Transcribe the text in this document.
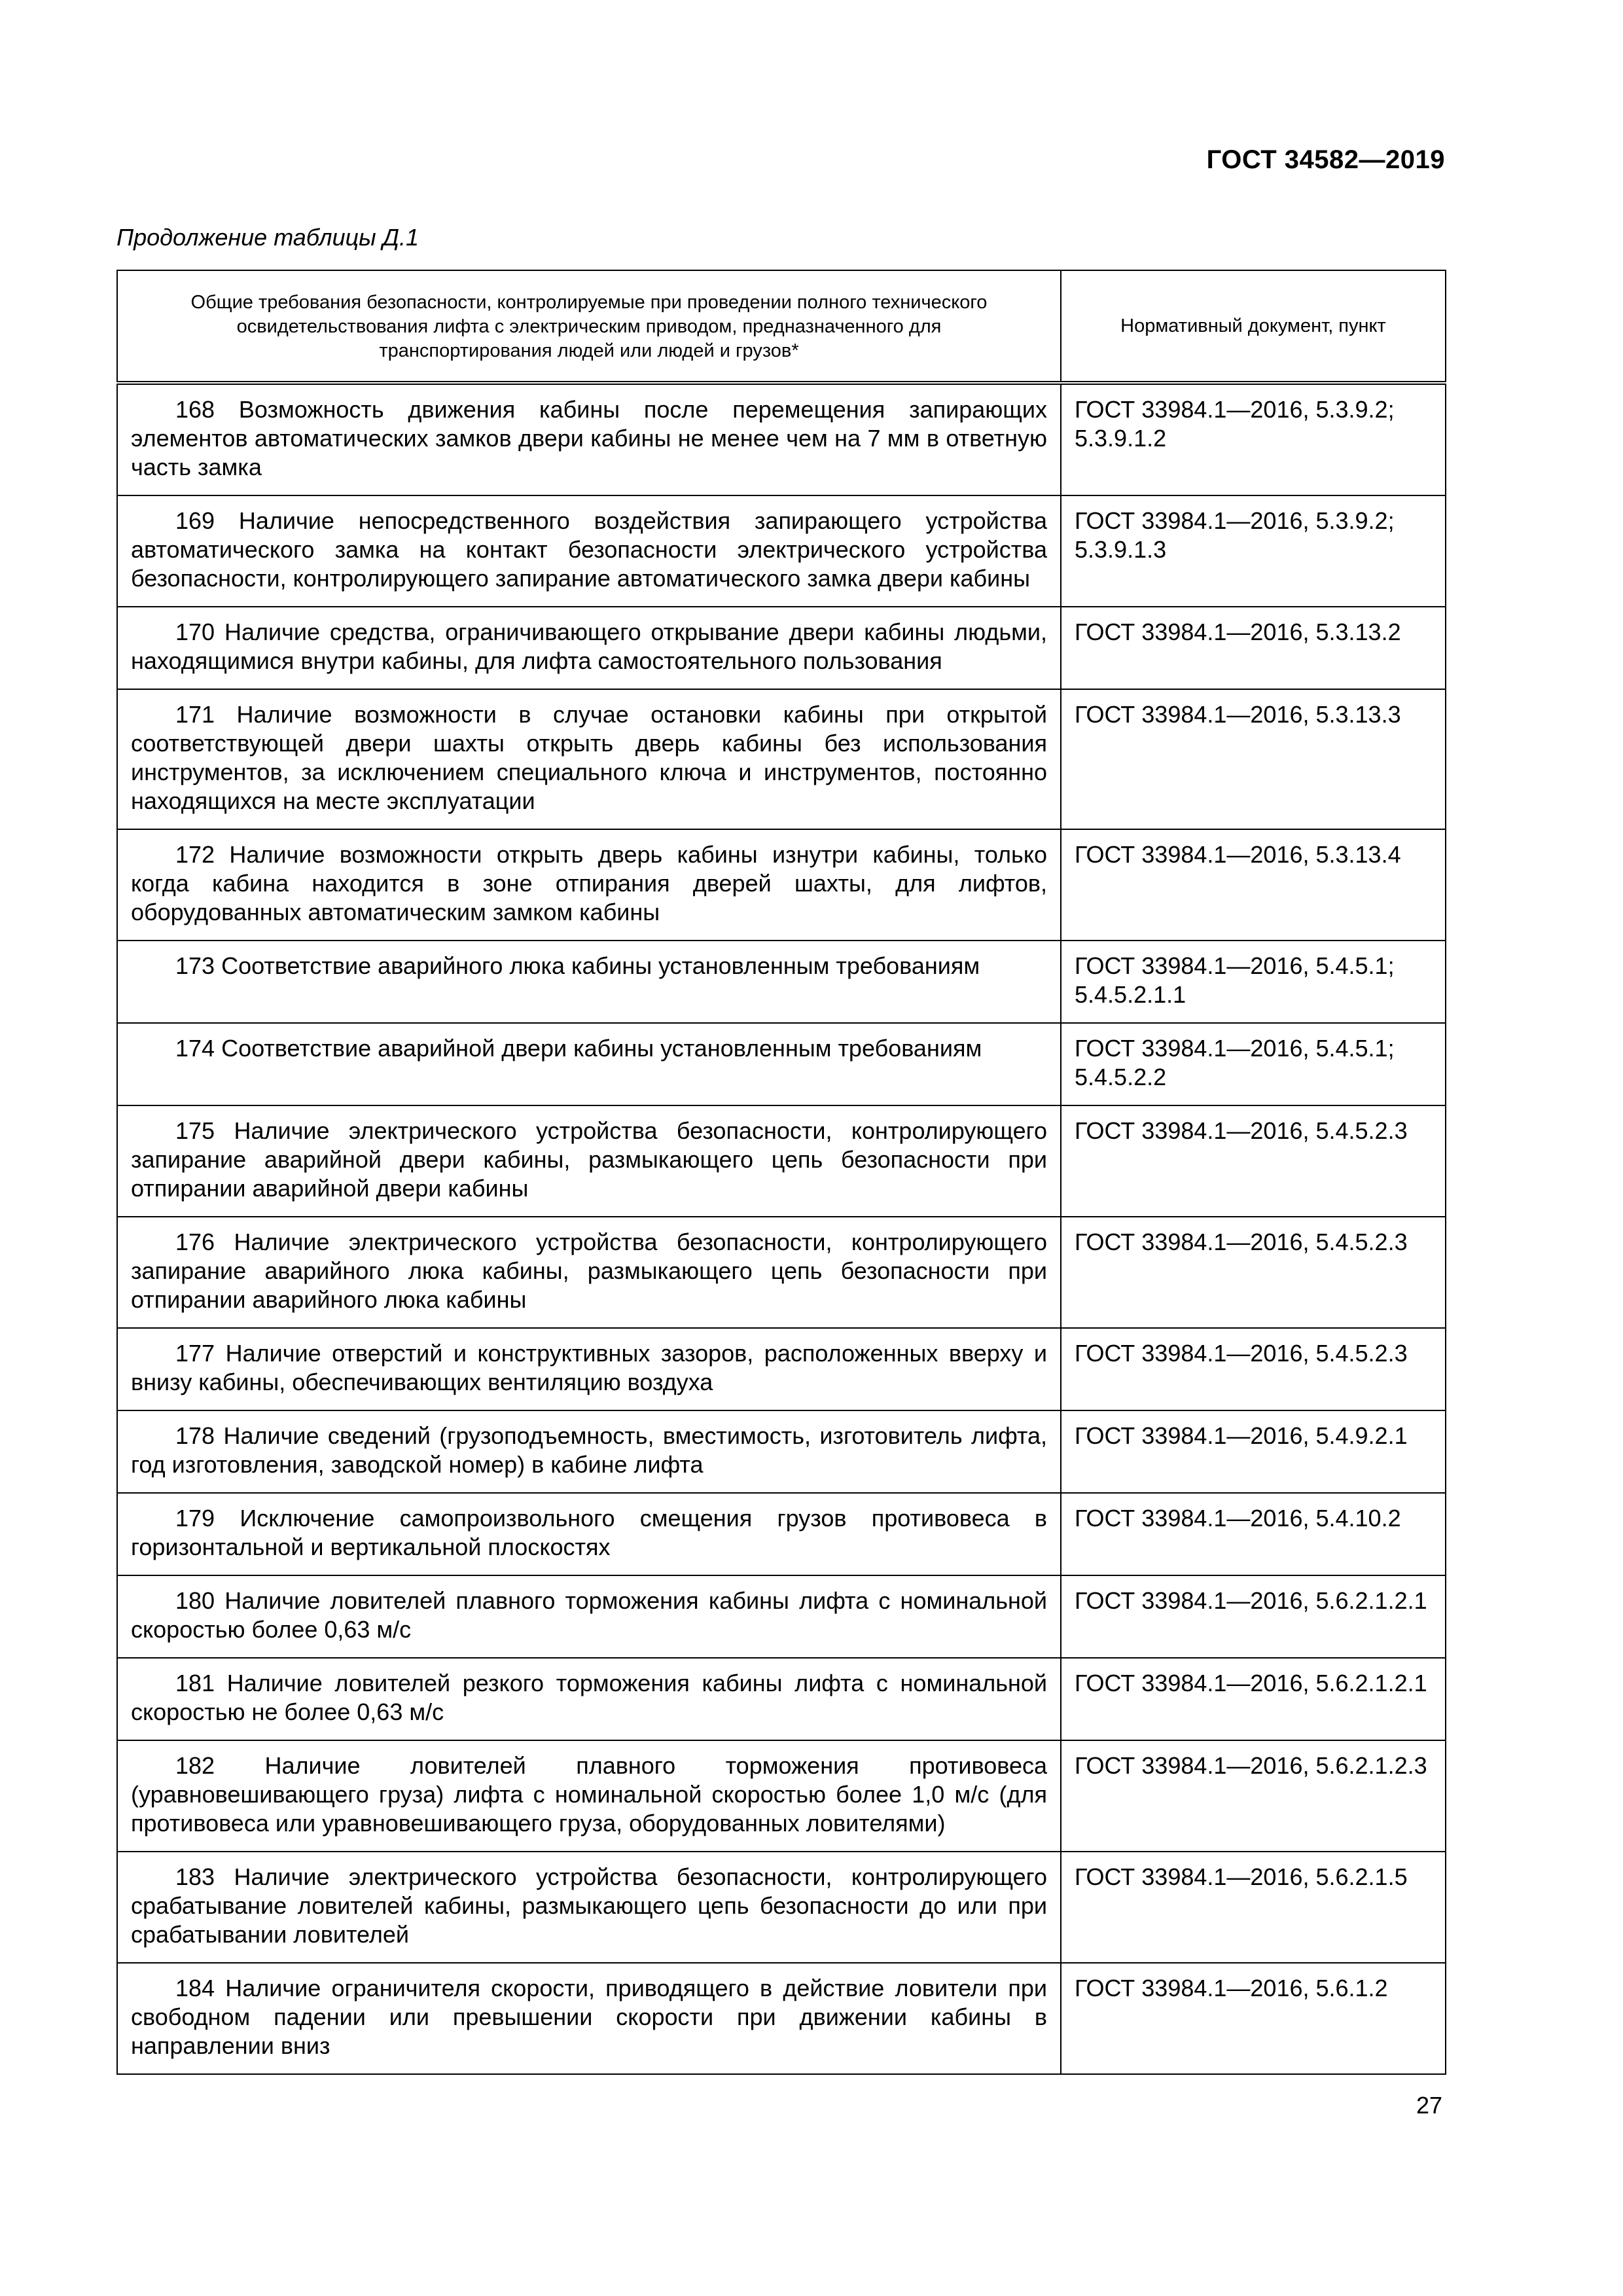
ГОСТ 34582—2019
Продолжение таблицы Д.1
Общие требования безопасности, контролируемые при проведении полного технического освидетельствования лифта с электрическим приводом, предназначенного для транспортирования людей или людей и грузов*	Нормативный документ, пункт
168 Возможность движения кабины после перемещения запирающих элементов автоматических замков двери кабины не менее чем на 7 мм в ответную часть замка	ГОСТ 33984.1—2016, 5.3.9.2; 5.3.9.1.2
169 Наличие непосредственного воздействия запирающего устройства автоматического замка на контакт безопасности электрического устройства безопасности, контролирующего запирание автоматического замка двери кабины	ГОСТ 33984.1—2016, 5.3.9.2; 5.3.9.1.3
170 Наличие средства, ограничивающего открывание двери кабины людьми, находящимися внутри кабины, для лифта самостоятельного пользования	ГОСТ 33984.1—2016, 5.3.13.2
171 Наличие возможности в случае остановки кабины при открытой соответствующей двери шахты открыть дверь кабины без использования инструментов, за исключением специального ключа и инструментов, постоянно находящихся на месте эксплуатации	ГОСТ 33984.1—2016, 5.3.13.3
172 Наличие возможности открыть дверь кабины изнутри кабины, только когда кабина находится в зоне отпирания дверей шахты, для лифтов, оборудованных автоматическим замком кабины	ГОСТ 33984.1—2016, 5.3.13.4
173 Соответствие аварийного люка кабины установленным требованиям	ГОСТ 33984.1—2016, 5.4.5.1; 5.4.5.2.1.1
174 Соответствие аварийной двери кабины установленным требованиям	ГОСТ 33984.1—2016, 5.4.5.1; 5.4.5.2.2
175 Наличие электрического устройства безопасности, контролирующего запирание аварийной двери кабины, размыкающего цепь безопасности при отпирании аварийной двери кабины	ГОСТ 33984.1—2016, 5.4.5.2.3
176 Наличие электрического устройства безопасности, контролирующего запирание аварийного люка кабины, размыкающего цепь безопасности при отпирании аварийного люка кабины	ГОСТ 33984.1—2016, 5.4.5.2.3
177 Наличие отверстий и конструктивных зазоров, расположенных вверху и внизу кабины, обеспечивающих вентиляцию воздуха	ГОСТ 33984.1—2016, 5.4.5.2.3
178 Наличие сведений (грузоподъемность, вместимость, изготовитель лифта, год изготовления, заводской номер) в кабине лифта	ГОСТ 33984.1—2016, 5.4.9.2.1
179 Исключение самопроизвольного смещения грузов противовеса в горизонтальной и вертикальной плоскостях	ГОСТ 33984.1—2016, 5.4.10.2
180 Наличие ловителей плавного торможения кабины лифта с номинальной скоростью более 0,63 м/с	ГОСТ 33984.1—2016, 5.6.2.1.2.1
181 Наличие ловителей резкого торможения кабины лифта с номинальной скоростью не более 0,63 м/с	ГОСТ 33984.1—2016, 5.6.2.1.2.1
182 Наличие ловителей плавного торможения противовеса (уравновешивающего груза) лифта с номинальной скоростью более 1,0 м/с (для противовеса или уравновешивающего груза, оборудованных ловителями)	ГОСТ 33984.1—2016, 5.6.2.1.2.3
183 Наличие электрического устройства безопасности, контролирующего срабатывание ловителей кабины, размыкающего цепь безопасности до или при срабатывании ловителей	ГОСТ 33984.1—2016, 5.6.2.1.5
184 Наличие ограничителя скорости, приводящего в действие ловители при свободном падении или превышении скорости при движении кабины в направлении вниз	ГОСТ 33984.1—2016, 5.6.1.2
27
